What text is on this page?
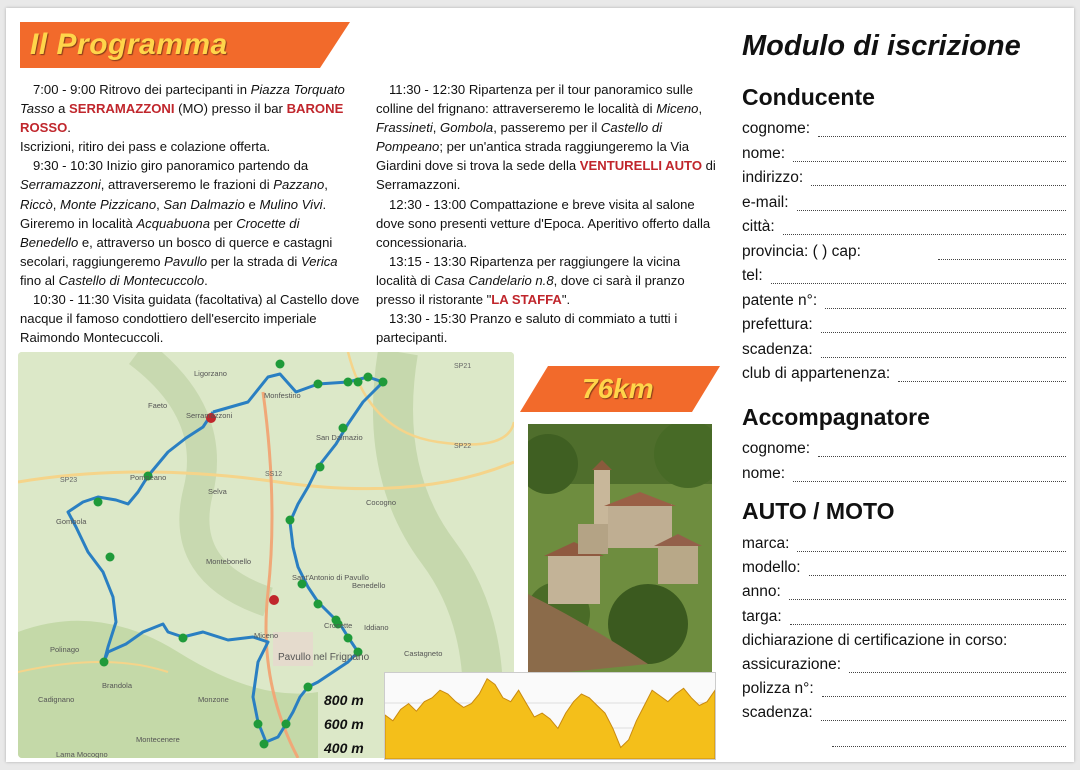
Il Programma

7:00 - 9:00 Ritrovo dei partecipanti in Piazza Torquato Tasso a SERRAMAZZONI (MO) presso il bar BARONE ROSSO.

Iscrizioni, ritiro dei pass e colazione offerta.

9:30 - 10:30 Inizio giro panoramico partendo da Serramazzoni, attraverseremo le frazioni di Pazzano, Riccò, Monte Pizzicano, San Dalmazio e Mulino Vivi. Gireremo in località Acquabuona per Crocette di Benedello e, attraverso un bosco di querce e castagni secolari, raggiungeremo Pavullo per la strada di Verica fino al Castello di Montecuccolo.

10:30 - 11:30 Visita guidata (facoltativa) al Castello dove nacque il famoso condottiero dell'esercito imperiale Raimondo Montecuccoli.

11:30 - 12:30 Ripartenza per il tour panoramico sulle colline del frignano: attraverseremo le località di Miceno, Frassineti, Gombola, passeremo per il Castello di Pompeano; per un'antica strada raggiungeremo la Via Giardini dove si trova la sede della VENTURELLI AUTO di Serramazzoni.

12:30 - 13:00 Compattazione e breve visita al salone dove sono presenti vetture d'Epoca. Aperitivo offerto dalla concessionaria.

13:15 - 13:30 Ripartenza per raggiungere la vicina località di Casa Candelario n.8, dove ci sarà il pranzo presso il ristorante "LA STAFFA".

13:30 - 15:30 Pranzo e saluto di commiato a tutti i partecipanti.

Ligorzano
Faeto
Serramazzoni
Monfestino
San Dalmazio
Pompeano
Selva
Gombola
Cocogno
Montebonello
Sant'Antonio di Pavullo
Benedello
Crocette Iddiano
Miceno
Pavullo nel Frignano	Castagneto
Polinago
Brandola
Cadignano	Monzone
Montecenere
Lama Mocogno
SP21
SP22
SP23
SS12
76km
800 m
600 m
400 m
Modulo di iscrizione
Conducente
cognome:
nome:
indirizzo:
e-mail:
città:
provincia: ( ) cap:
tel:
patente n°:
prefettura:
scadenza:
club di appartenenza:
Accompagnatore
cognome:
nome:
AUTO / MOTO
marca:
modello:
anno:
targa:
dichiarazione di certificazione in corso:
assicurazione:
polizza n°:
scadenza:
